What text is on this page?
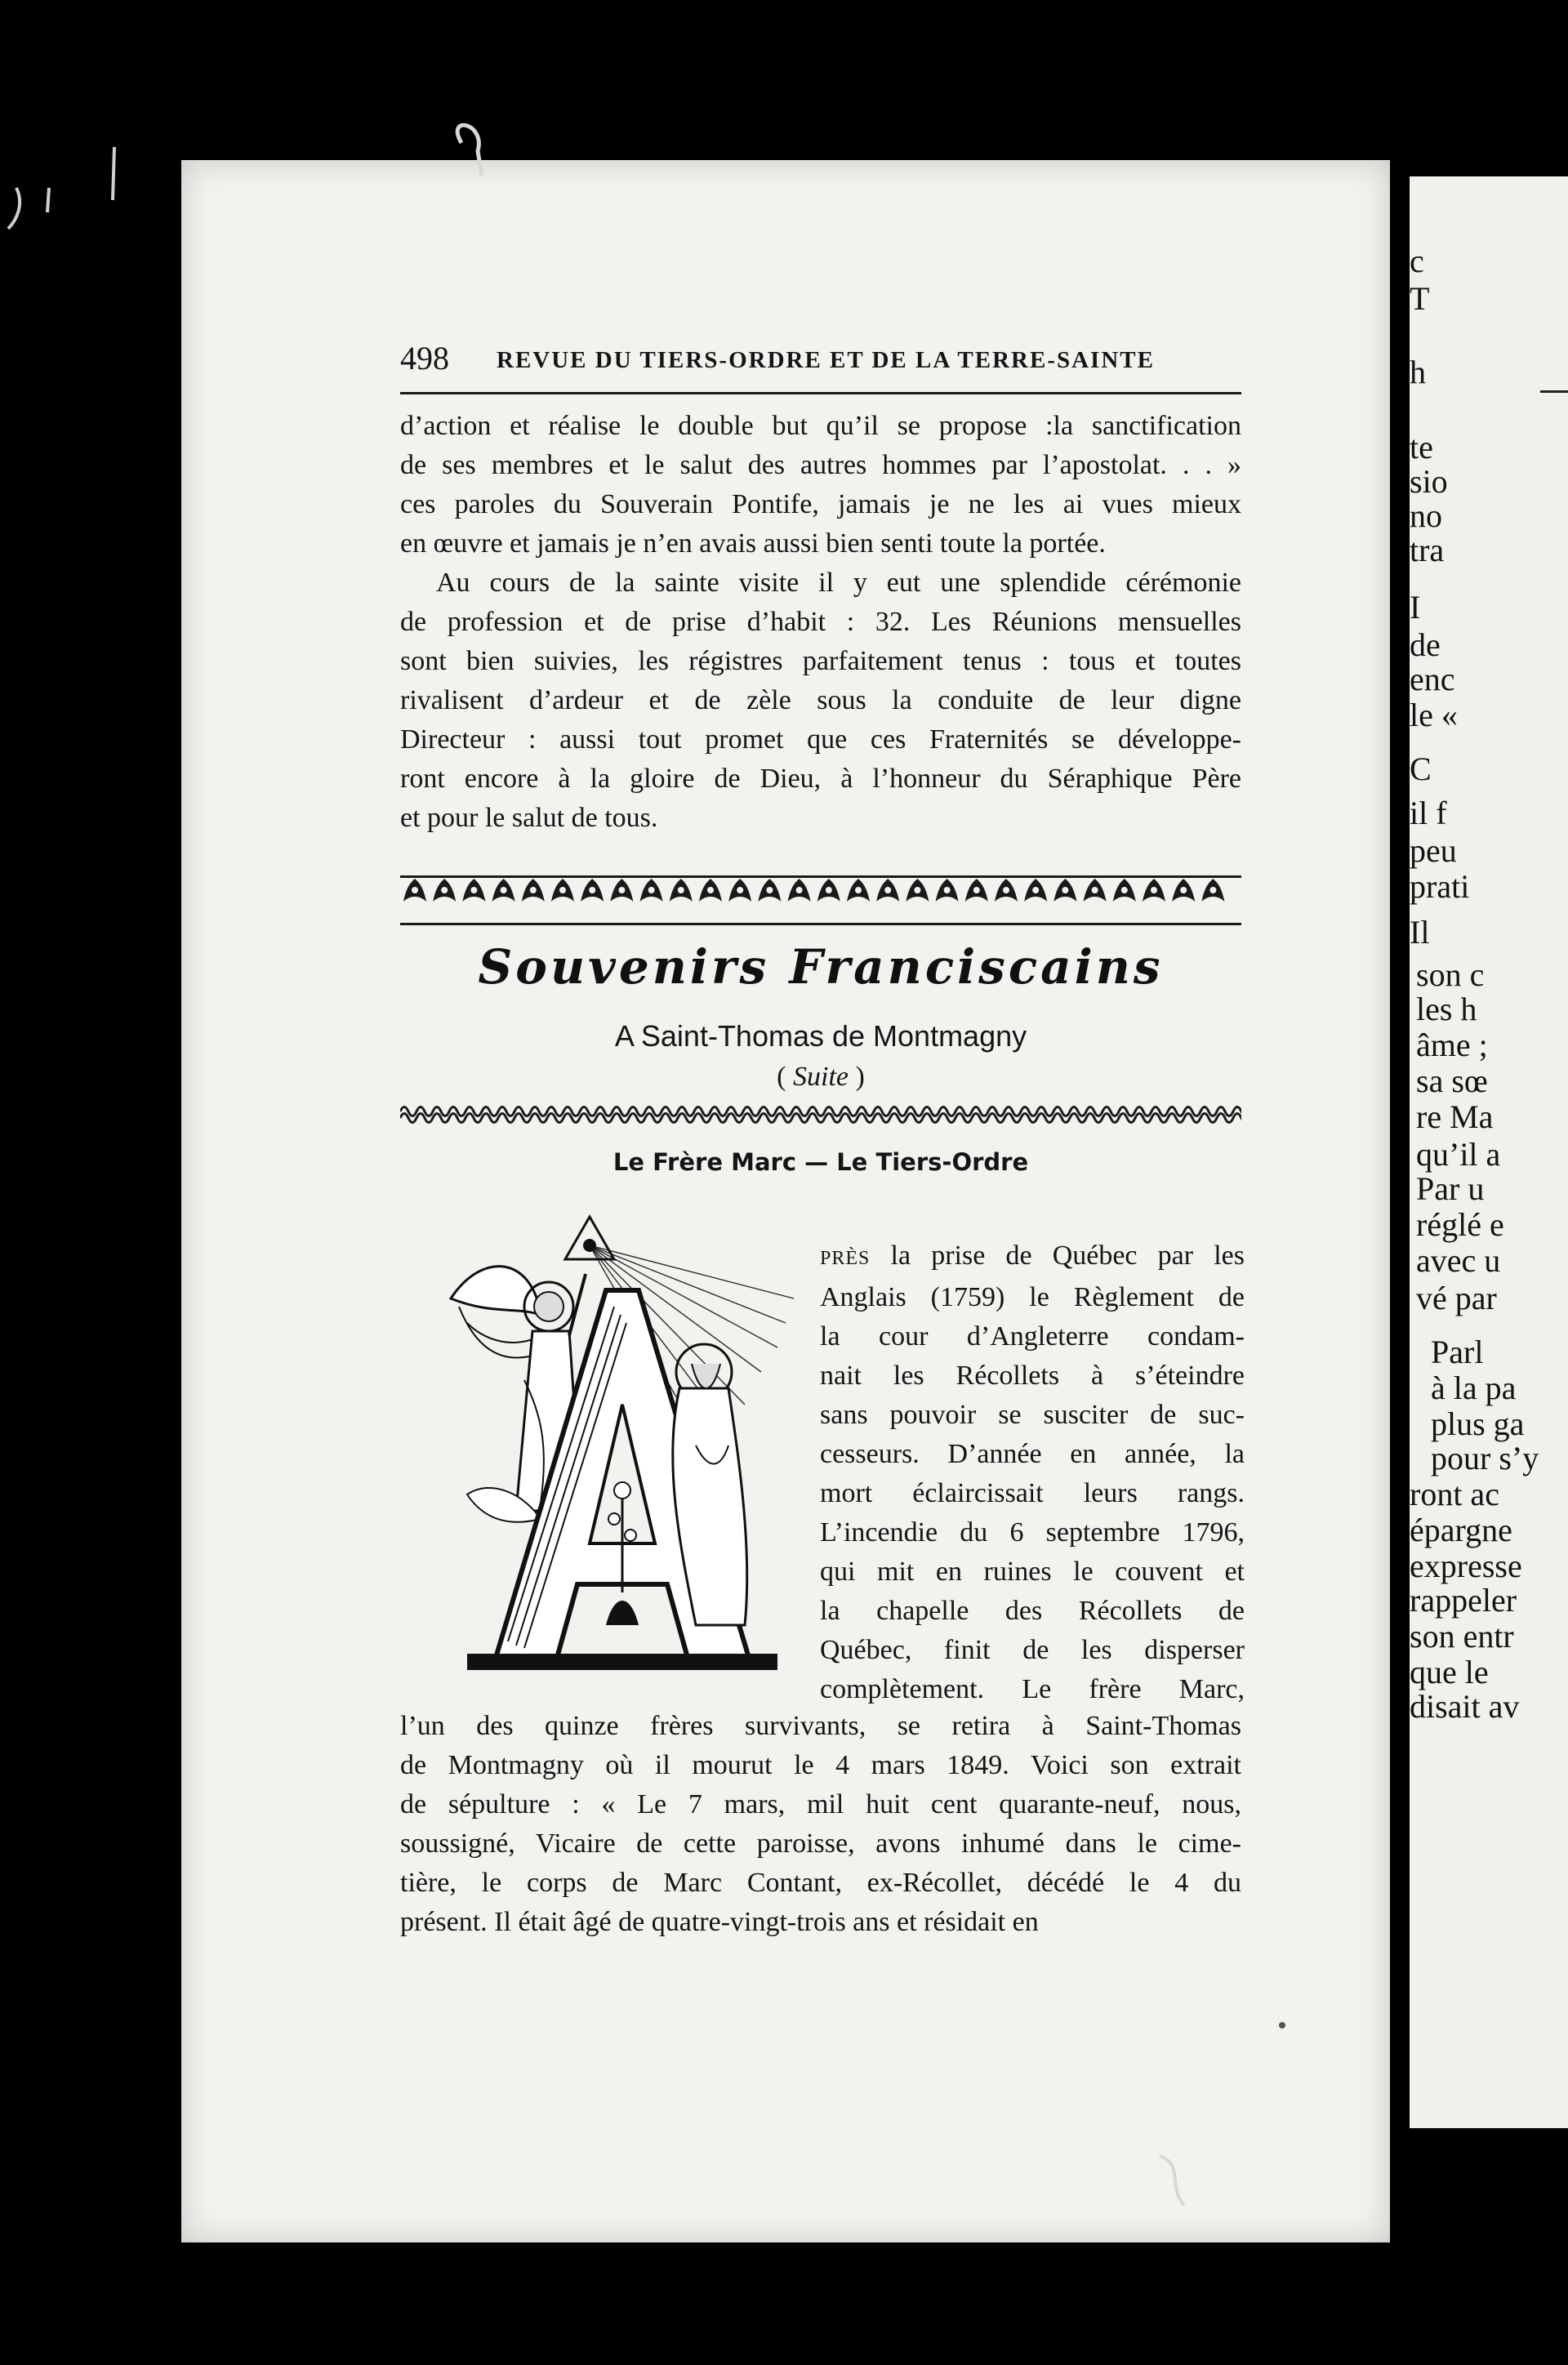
c
T
h
te
sio
no
tra
I
de
enc
le «
C
il f
peu
prati
Il
son c
les h
âme ;
sa sœ
re Ma
qu’il a
Par u
réglé e
avec u
vé par
Parl
à la pa
plus ga
pour s’y
ront ac
épargne
expresse
rappeler
son entr
que le
disait av
498 REVUE DU TIERS-ORDRE ET DE LA TERRE-SAINTE
d’action et réalise le double but qu’il se propose :la sanctification
de ses membres et le salut des autres hommes par l’apostolat. . . »
ces paroles du Souverain Pontife, jamais je ne les ai vues mieux
en œuvre et jamais je n’en avais aussi bien senti toute la portée.
Au cours de la sainte visite il y eut une splendide cérémonie
de profession et de prise d’habit : 32. Les Réunions mensuelles
sont bien suivies, les régistres parfaitement tenus : tous et toutes
rivalisent d’ardeur et de zèle sous la conduite de leur digne
Directeur : aussi tout promet que ces Fraternités se développe-
ront encore à la gloire de Dieu, à l’honneur du Séraphique Père
et pour le salut de tous.
Souvenirs Franciscains
A Saint-Thomas de Montmagny
( Suite )
Le Frère Marc — Le Tiers-Ordre
PRÈS la prise de Québec par les
Anglais (1759) le Règlement de
la cour d’Angleterre condam-
nait les Récollets à s’éteindre
sans pouvoir se susciter de suc-
cesseurs. D’année en année, la
mort éclaircissait leurs rangs.
L’incendie du 6 septembre 1796,
qui mit en ruines le couvent et
la chapelle des Récollets de
Québec, finit de les disperser
complètement. Le frère Marc,
l’un des quinze frères survivants, se retira à Saint-Thomas
de Montmagny où il mourut le 4 mars 1849. Voici son extrait
de sépulture : « Le 7 mars, mil huit cent quarante-neuf, nous,
soussigné, Vicaire de cette paroisse, avons inhumé dans le cime-
tière, le corps de Marc Contant, ex-Récollet, décédé le 4 du
présent. Il était âgé de quatre-vingt-trois ans et résidait en
